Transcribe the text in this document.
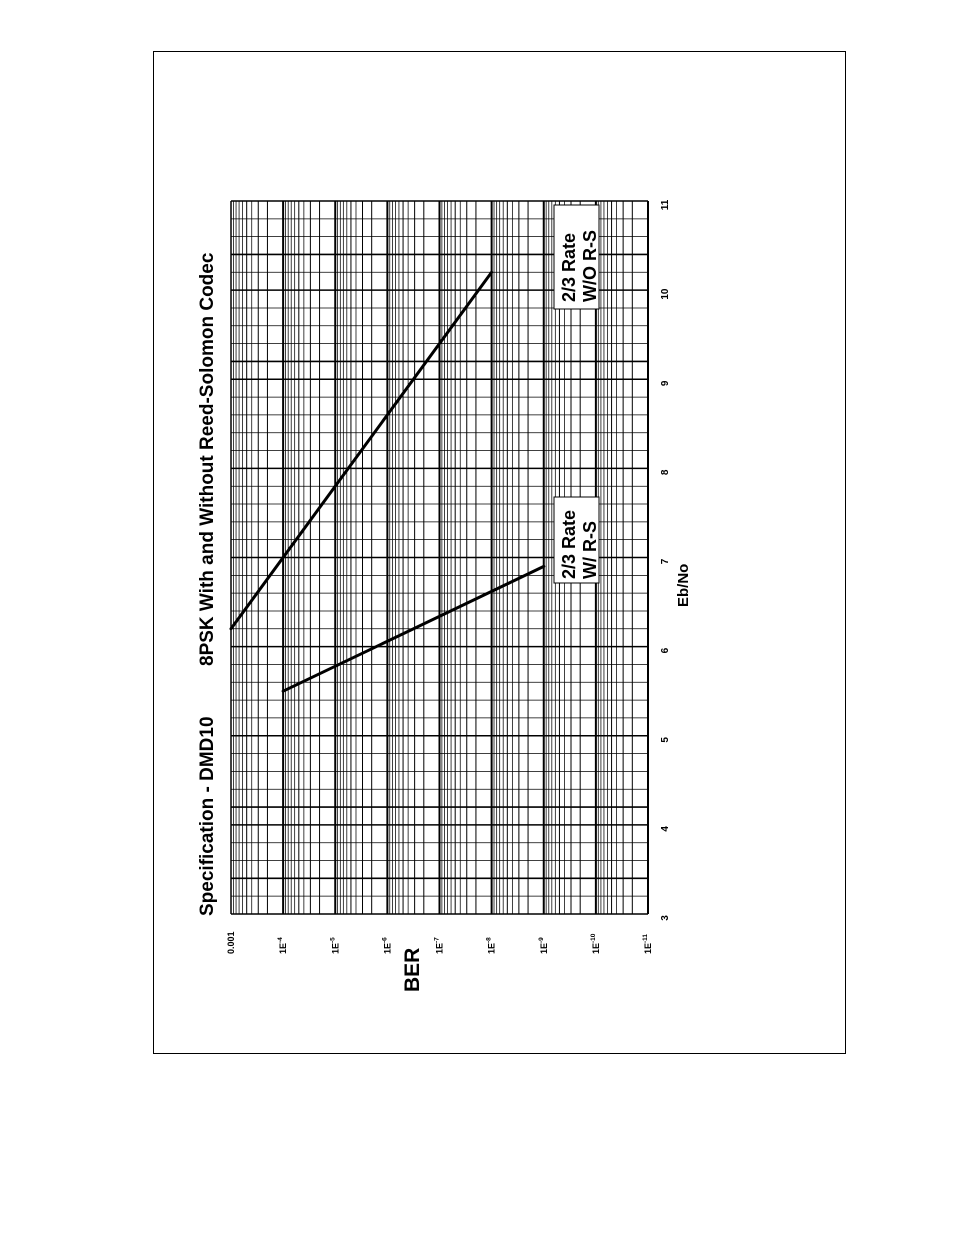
3
4
5
6
7
8
9
10
11
0.001	$1E^{-4}$
$1E^{-5}$
$1E^{-6}$
$1E^{-7}$
$1E^{-8}$
$1E^{-9}$
$1E^{-10}$
$1E^{-11}$
Specification - DMD10
8PSK With and Without Reed-Solomon Codec
BER
Eb/No
2/3 Rate W/O R-S
2/3 Rate W/ R-S
